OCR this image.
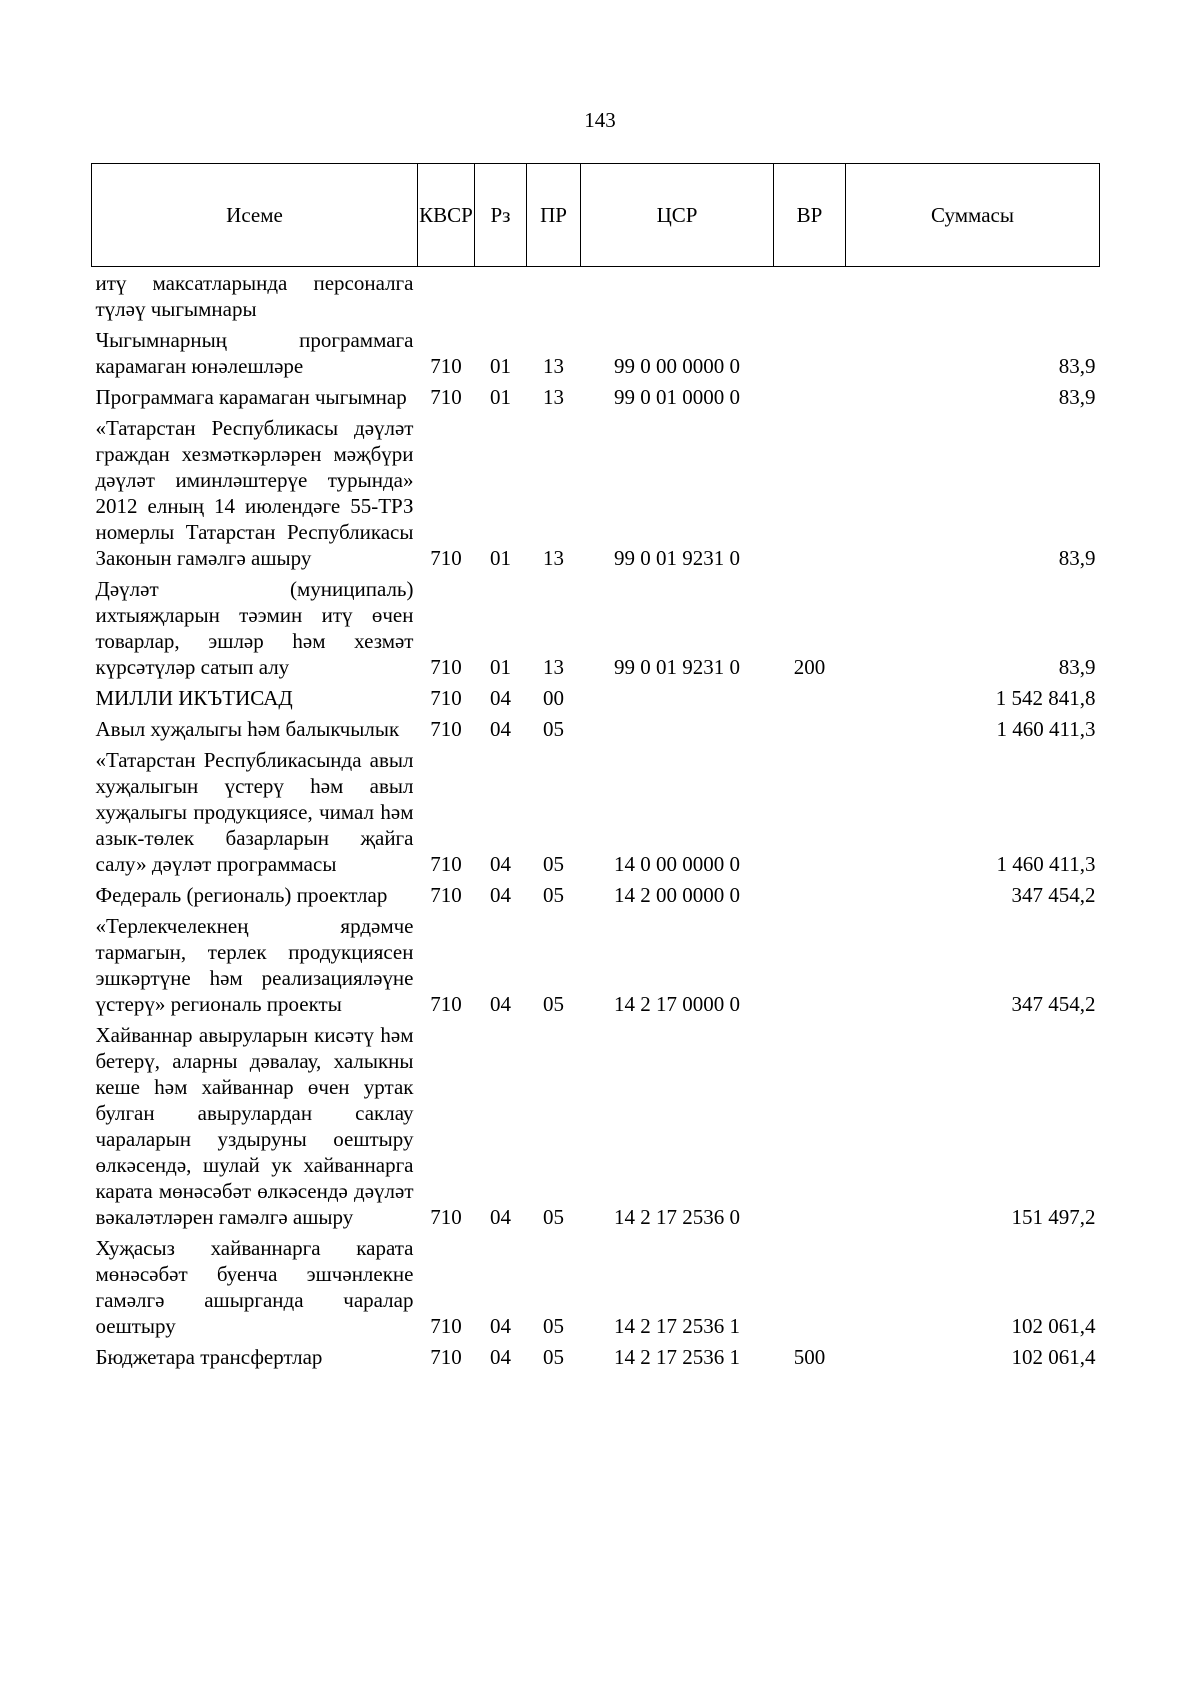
143
Исеме	КВСР	Рз	ПР	ЦСР	ВР	Суммасы
итү максатларында персоналга түләү чыгымнары						
Чыгымнарның программага карамаган юнәлешләре	710	01	13	99 0 00 0000 0		83,9
Программага карамаган чыгымнар	710	01	13	99 0 01 0000 0		83,9
«Татарстан Республикасы дәүләт граждан хезмәткәрләрен мәҗбүри дәүләт иминләштерүе турында» 2012 елның 14 июлендәге 55-ТРЗ номерлы Татарстан Республикасы Законын гамәлгә ашыру	710	01	13	99 0 01 9231 0		83,9
Дәүләт (муниципаль) ихтыяҗларын тәэмин итү өчен товарлар, эшләр һәм хезмәт күрсәтүләр сатып алу	710	01	13	99 0 01 9231 0	200	83,9
МИЛЛИ ИКЪТИСАД	710	04	00			1 542 841,8
Авыл хуҗалыгы һәм балыкчылык	710	04	05			1 460 411,3
«Татарстан Республикасында авыл хуҗалыгын үстерү һәм авыл хуҗалыгы продукциясе, чимал һәм азык-төлек базарларын җайга салу» дәүләт программасы	710	04	05	14 0 00 0000 0		1 460 411,3
Федераль (региональ) проектлар	710	04	05	14 2 00 0000 0		347 454,2
«Терлекчелекнең ярдәмче тармагын, терлек продукциясен эшкәртүне һәм реализацияләүне үстерү» региональ проекты	710	04	05	14 2 17 0000 0		347 454,2
Хайваннар авыруларын кисәтү һәм бетерү, аларны дәвалау, халыкны кеше һәм хайваннар өчен уртак булган авырулардан саклау чараларын уздыруны оештыру өлкәсендә, шулай ук хайваннарга карата мөнәсәбәт өлкәсендә дәүләт вәкаләтләрен гамәлгә ашыру	710	04	05	14 2 17 2536 0		151 497,2
Хуҗасыз хайваннарга карата мөнәсәбәт буенча эшчәнлекне гамәлгә ашырганда чаралар оештыру	710	04	05	14 2 17 2536 1		102 061,4
Бюджетара трансфертлар	710	04	05	14 2 17 2536 1	500	102 061,4
